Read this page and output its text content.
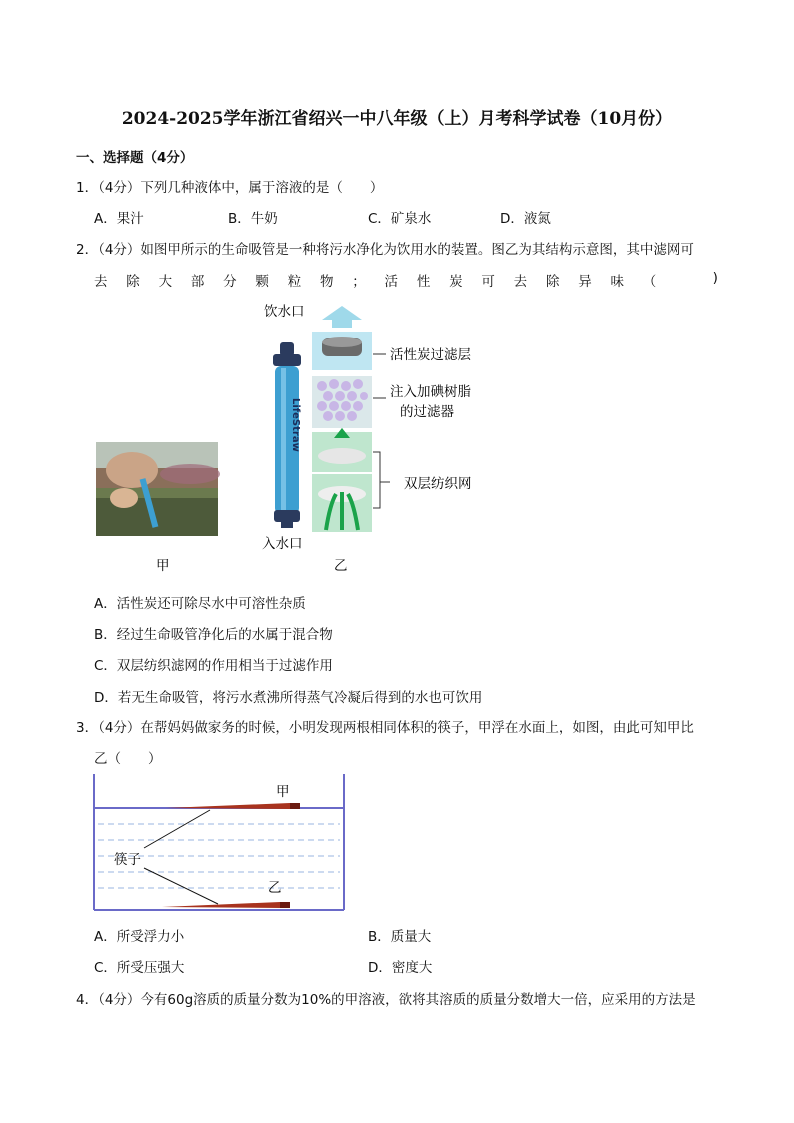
2024-2025学年浙江省绍兴一中八年级（上）月考科学试卷（10月份）
一、选择题（4分）
1．（4分）下列几种液体中，属于溶液的是（　　）
A．果汁	B．牛奶	C．矿泉水	D．液氮
2．（4分）如图甲所示的生命吸管是一种将污水净化为饮用水的装置。图乙为其结构示意图，其中滤网可
去 除 大 部 分 颗 粒 物 ； 活 性 炭 可 去 除 异 味 （	)
LifeStraw
饮水口
活性炭过滤层
注入加碘树脂
的过滤器
双层纺织网
入水口
甲	乙
A．活性炭还可除尽水中可溶性杂质
B．经过生命吸管净化后的水属于混合物
C．双层纺织滤网的作用相当于过滤作用
D．若无生命吸管，将污水煮沸所得蒸气冷凝后得到的水也可饮用
3．（4分）在帮妈妈做家务的时候，小明发现两根相同体积的筷子，甲浮在水面上，如图，由此可知甲比
乙（　　）
甲
乙
筷子
A．所受浮力小	B．质量大
C．所受压强大	D．密度大
4．（4分）今有60g溶质的质量分数为10%的甲溶液，欲将其溶质的质量分数增大一倍，应采用的方法是
